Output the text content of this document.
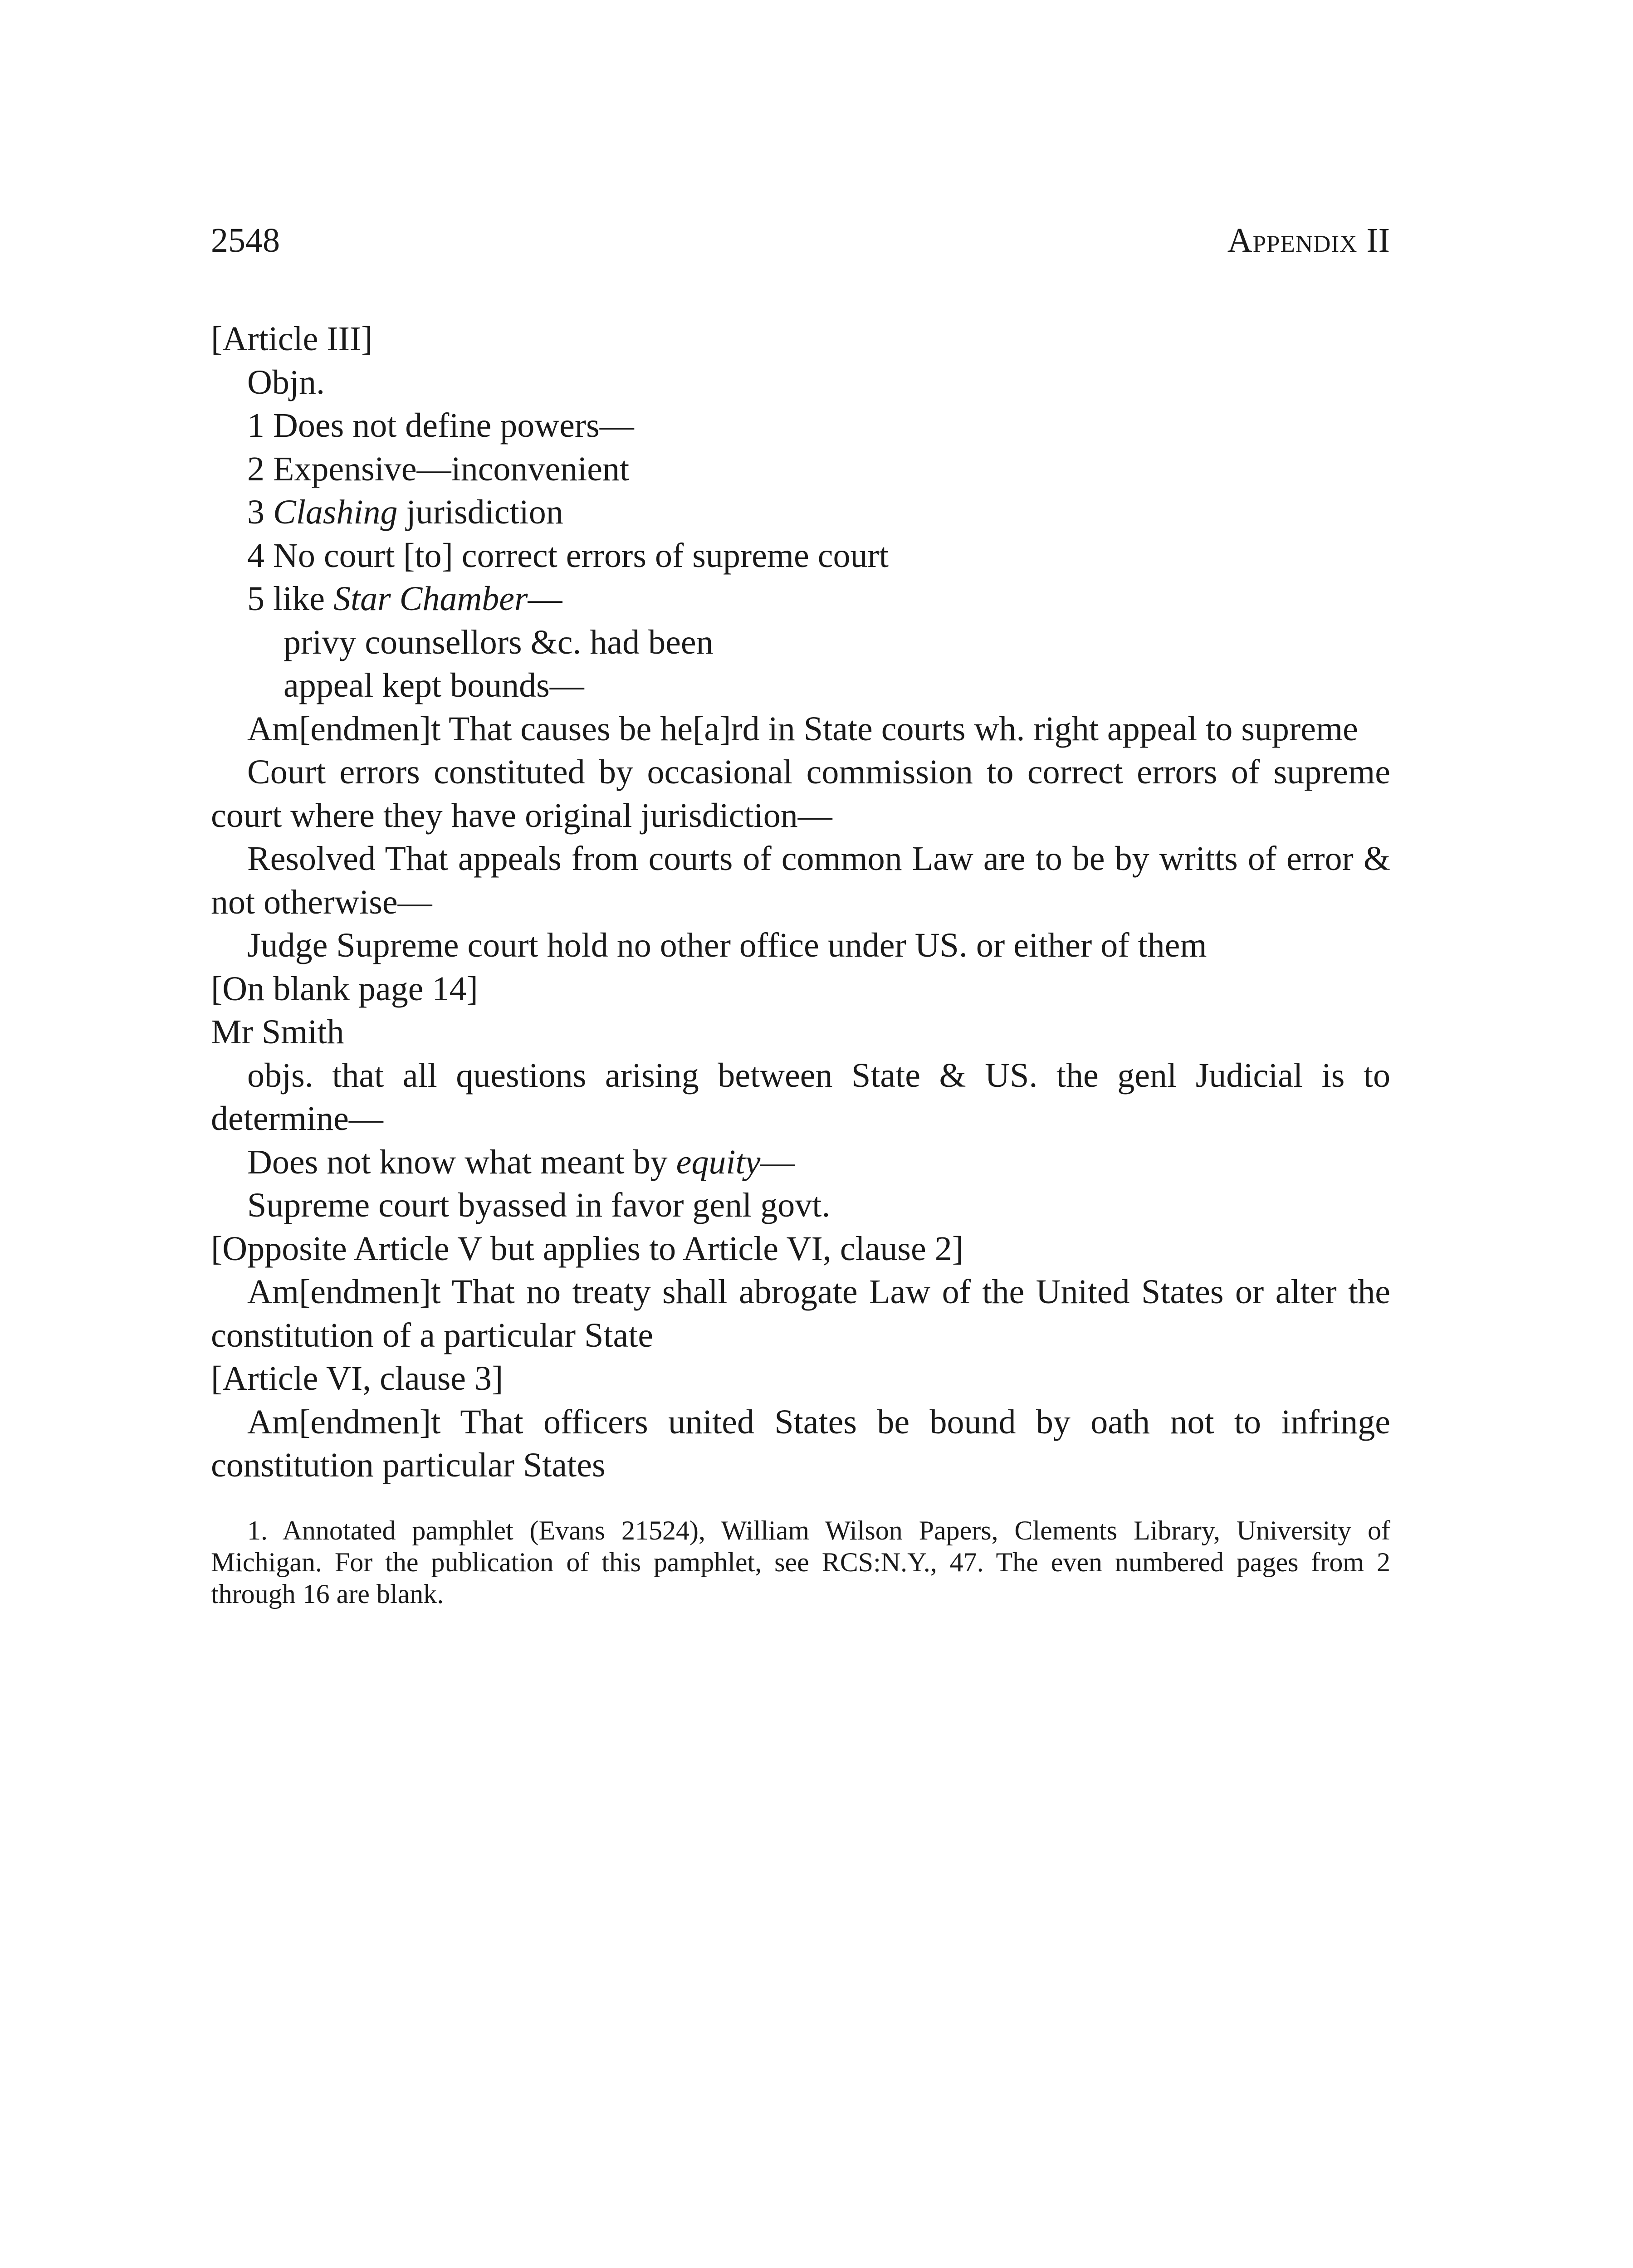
2548	Appendix II

[Article III]

Objn.

1 Does not define powers—

2 Expensive—inconvenient

3 Clashing jurisdiction

4 No court [to] correct errors of supreme court

5 like Star Chamber—

privy counsellors &c. had been

appeal kept bounds—

Am[endmen]t That causes be he[a]rd in State courts wh. right appeal to supreme

Court errors constituted by occasional commission to correct errors of supreme court where they have original jurisdiction—

Resolved That appeals from courts of common Law are to be by writts of error & not otherwise—

Judge Supreme court hold no other office under US. or either of them

[On blank page 14]

Mr Smith

objs. that all questions arising between State & US. the genl Judicial is to determine—

Does not know what meant by equity—

Supreme court byassed in favor genl govt.

[Opposite Article V but applies to Article VI, clause 2]

Am[endmen]t That no treaty shall abrogate Law of the United States or alter the constitution of a particular State

[Article VI, clause 3]

Am[endmen]t That officers united States be bound by oath not to infringe constitution particular States

1. Annotated pamphlet (Evans 21524), William Wilson Papers, Clements Library, University of Michigan. For the publication of this pamphlet, see RCS:N.Y., 47. The even numbered pages from 2 through 16 are blank.
